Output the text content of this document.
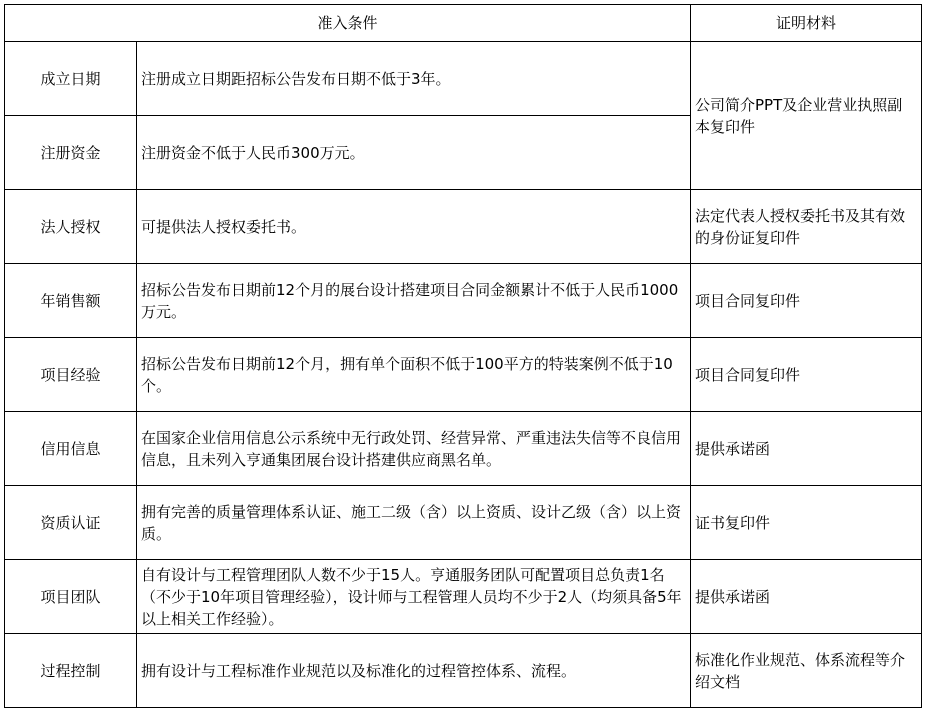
准入条件		证明材料
成立日期	注册成立日期距招标公告发布日期不低于3年。	公司简介PPT及企业营业执照副本复印件
注册资金	注册资金不低于人民币300万元。	
法人授权	可提供法人授权委托书。	法定代表人授权委托书及其有效的身份证复印件
年销售额	招标公告发布日期前12个月的展台设计搭建项目合同金额累计不低于人民币1000万元。	项目合同复印件
项目经验	招标公告发布日期前12个月，拥有单个面积不低于100平方的特装案例不低于10个。	项目合同复印件
信用信息	在国家企业信用信息公示系统中无行政处罚、经营异常、严重违法失信等不良信用信息，且未列入亨通集团展台设计搭建供应商黑名单。	提供承诺函
资质认证	拥有完善的质量管理体系认证、施工二级（含）以上资质、设计乙级（含）以上资质。	证书复印件
项目团队	自有设计与工程管理团队人数不少于15人。亨通服务团队可配置项目总负责1名（不少于10年项目管理经验），设计师与工程管理人员均不少于2人（均须具备5年以上相关工作经验）。	提供承诺函
过程控制	拥有设计与工程标准作业规范以及标准化的过程管控体系、流程。	标准化作业规范、体系流程等介绍文档
